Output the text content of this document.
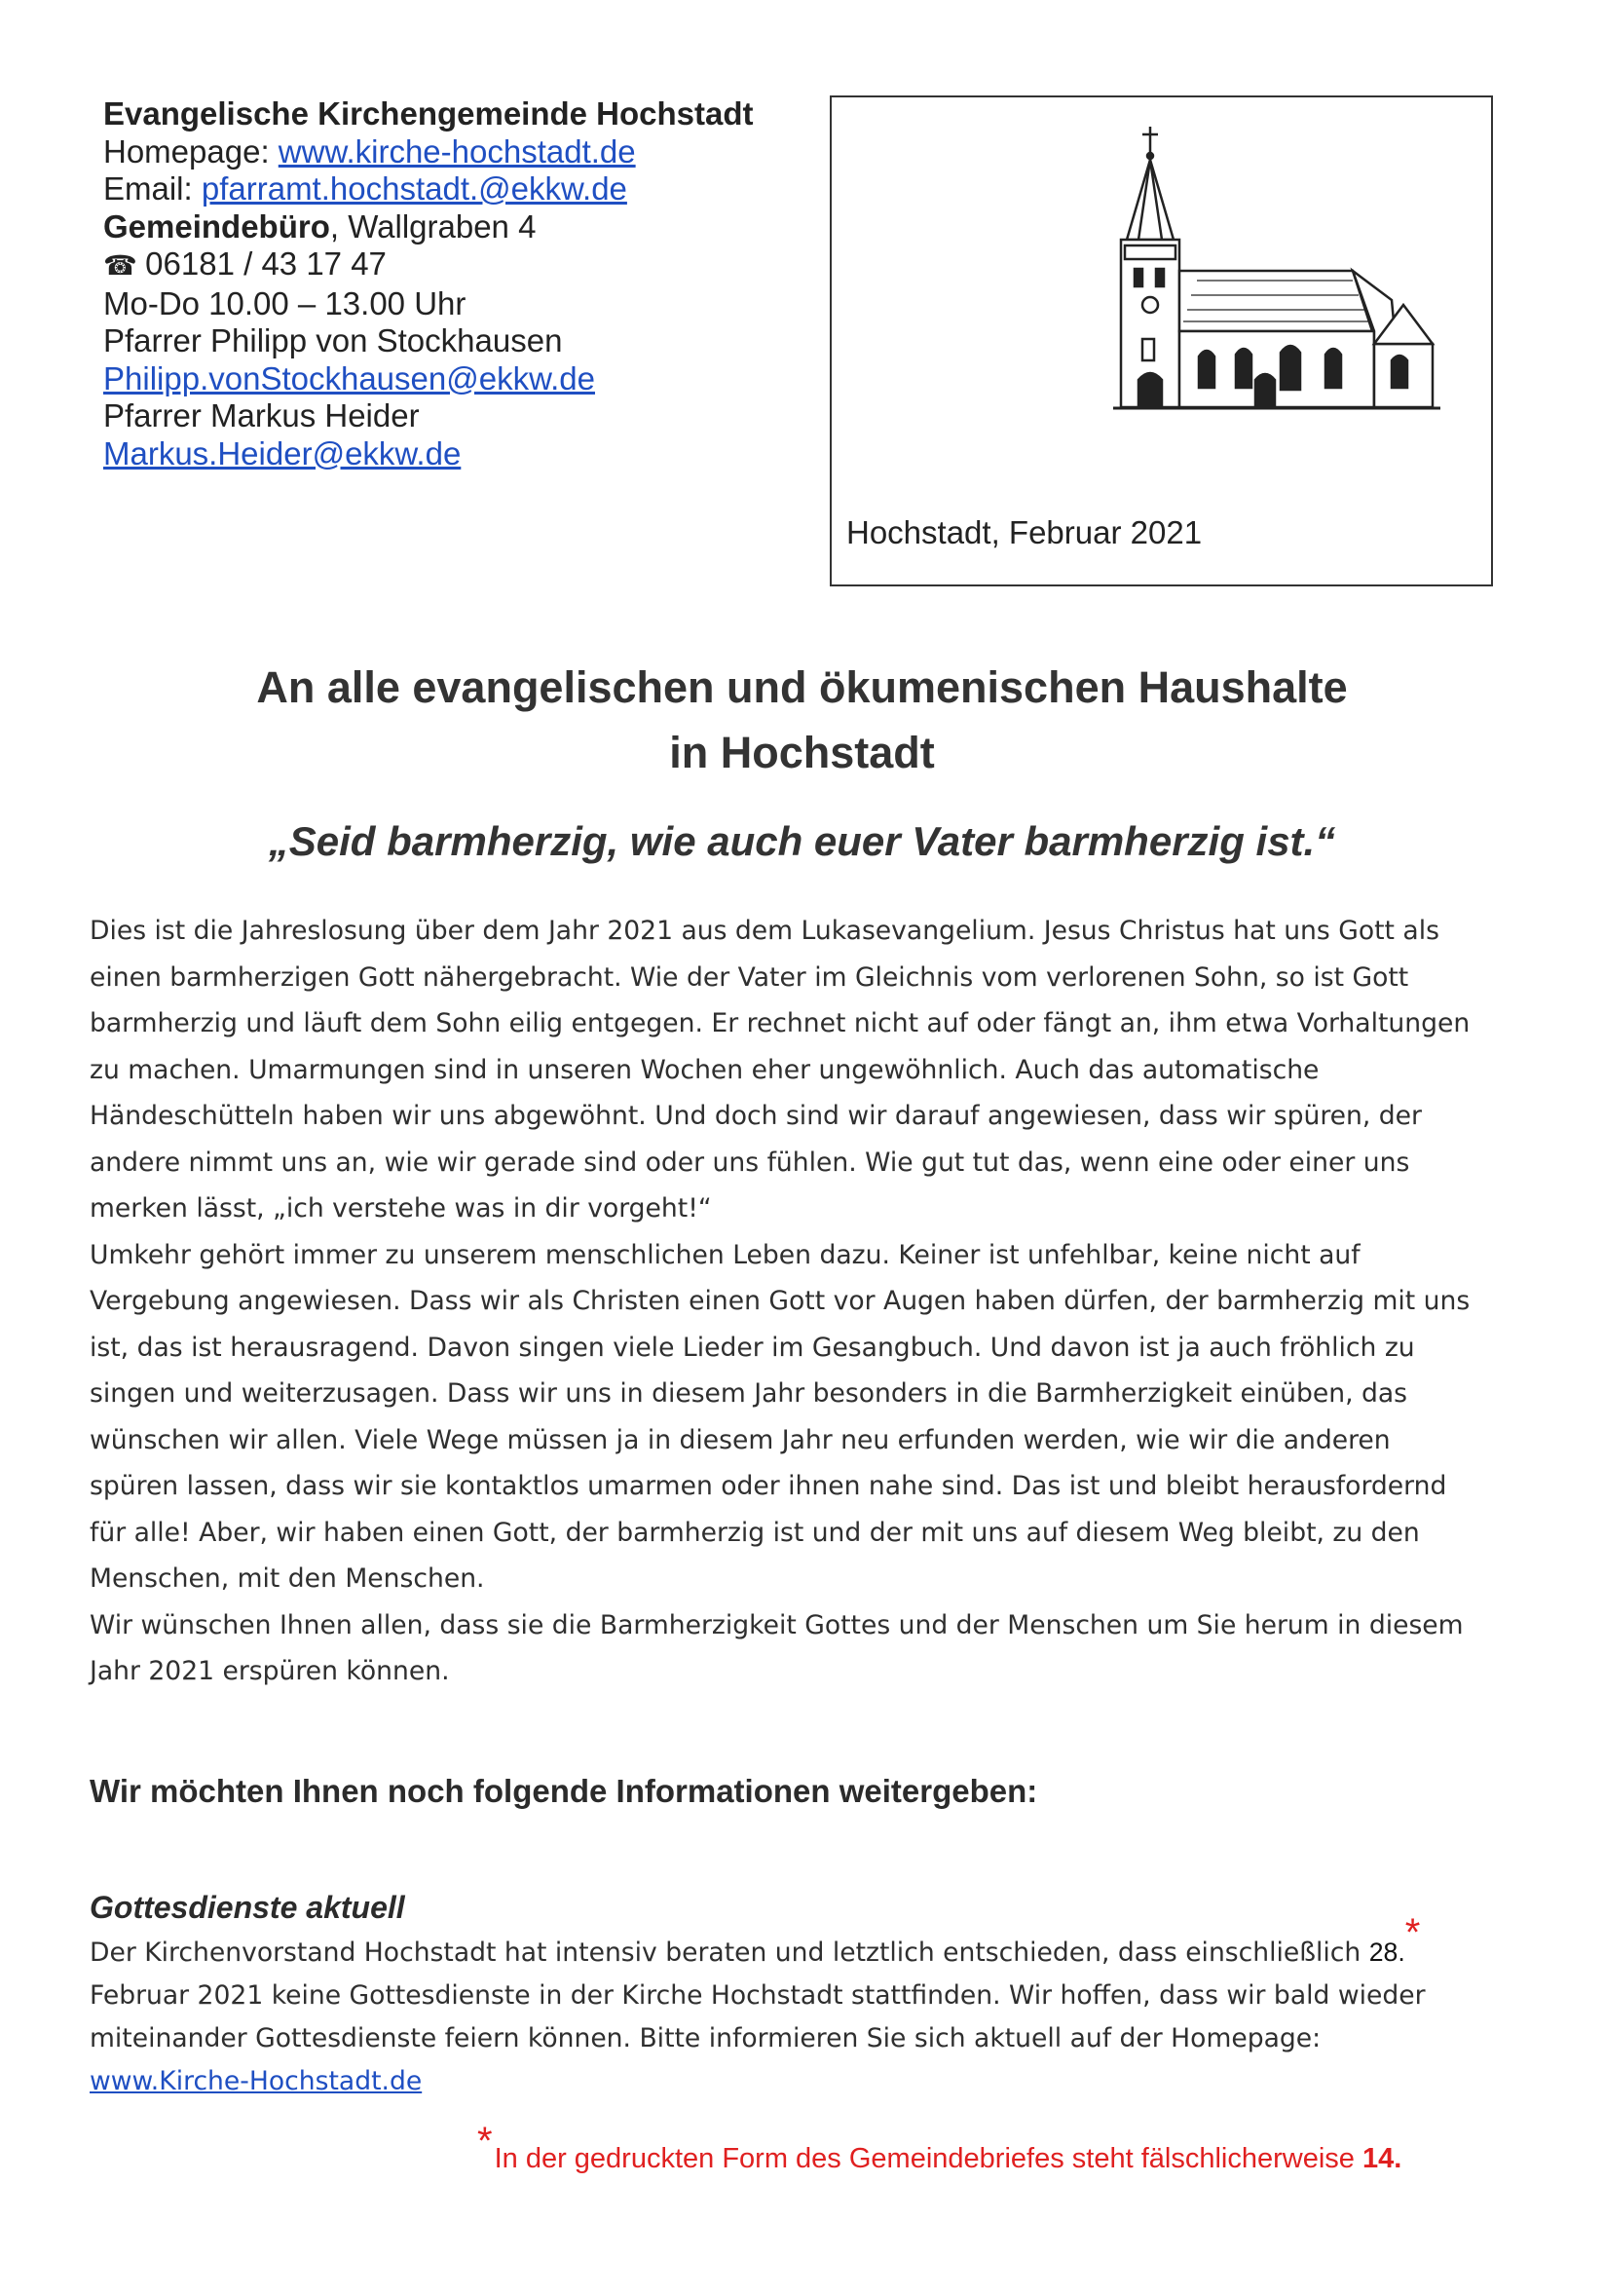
Evangelische Kirchengemeinde Hochstadt
Homepage: www.kirche-hochstadt.de
Email: pfarramt.hochstadt.@ekkw.de
Gemeindebüro, Wallgraben 4
☎ 06181 / 43 17 47
Mo-Do 10.00 – 13.00 Uhr
Pfarrer Philipp von Stockhausen
Philipp.vonStockhausen@ekkw.de
Pfarrer Markus Heider
Markus.Heider@ekkw.de
Hochstadt, Februar 2021
An alle evangelischen und ökumenischen Haushalte
in Hochstadt
„Seid barmherzig, wie auch euer Vater barmherzig ist.“
Dies ist die Jahreslosung über dem Jahr 2021 aus dem Lukasevangelium. Jesus Christus hat uns Gott als
einen barmherzigen Gott nähergebracht. Wie der Vater im Gleichnis vom verlorenen Sohn, so ist Gott
barmherzig und läuft dem Sohn eilig entgegen. Er rechnet nicht auf oder fängt an, ihm etwa Vorhaltungen
zu machen. Umarmungen sind in unseren Wochen eher ungewöhnlich. Auch das automatische
Händeschütteln haben wir uns abgewöhnt. Und doch sind wir darauf angewiesen, dass wir spüren, der
andere nimmt uns an, wie wir gerade sind oder uns fühlen. Wie gut tut das, wenn eine oder einer uns
merken lässt, „ich verstehe was in dir vorgeht!“
Umkehr gehört immer zu unserem menschlichen Leben dazu. Keiner ist unfehlbar, keine nicht auf
Vergebung angewiesen. Dass wir als Christen einen Gott vor Augen haben dürfen, der barmherzig mit uns
ist, das ist herausragend. Davon singen viele Lieder im Gesangbuch. Und davon ist ja auch fröhlich zu
singen und weiterzusagen. Dass wir uns in diesem Jahr besonders in die Barmherzigkeit einüben, das
wünschen wir allen. Viele Wege müssen ja in diesem Jahr neu erfunden werden, wie wir die anderen
spüren lassen, dass wir sie kontaktlos umarmen oder ihnen nahe sind. Das ist und bleibt herausfordernd
für alle! Aber, wir haben einen Gott, der barmherzig ist und der mit uns auf diesem Weg bleibt, zu den
Menschen, mit den Menschen.
Wir wünschen Ihnen allen, dass sie die Barmherzigkeit Gottes und der Menschen um Sie herum in diesem
Jahr 2021 erspüren können.
Wir möchten Ihnen noch folgende Informationen weitergeben:
Gottesdienste aktuell
Der Kirchenvorstand Hochstadt hat intensiv beraten und letztlich entschieden, dass einschließlich 28.*
Februar 2021 keine Gottesdienste in der Kirche Hochstadt stattfinden. Wir hoffen, dass wir bald wieder
miteinander Gottesdienste feiern können. Bitte informieren Sie sich aktuell auf der Homepage:
www.Kirche-Hochstadt.de
*In der gedruckten Form des Gemeindebriefes steht fälschlicherweise 14.
